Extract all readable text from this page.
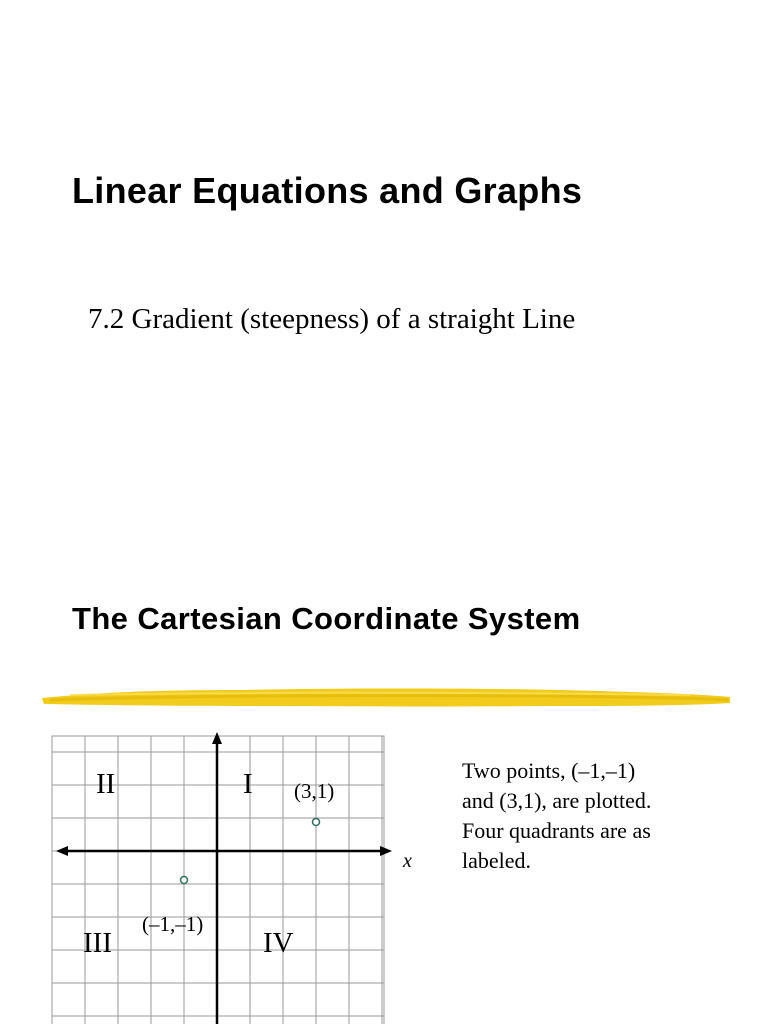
Linear Equations and Graphs
7.2 Gradient (steepness) of a straight Line
The Cartesian Coordinate System
x
II	I
III	IV
(3,1)
(–1,–1)
Two points, (–1,–1)
and (3,1), are plotted.
Four quadrants are as
labeled.
